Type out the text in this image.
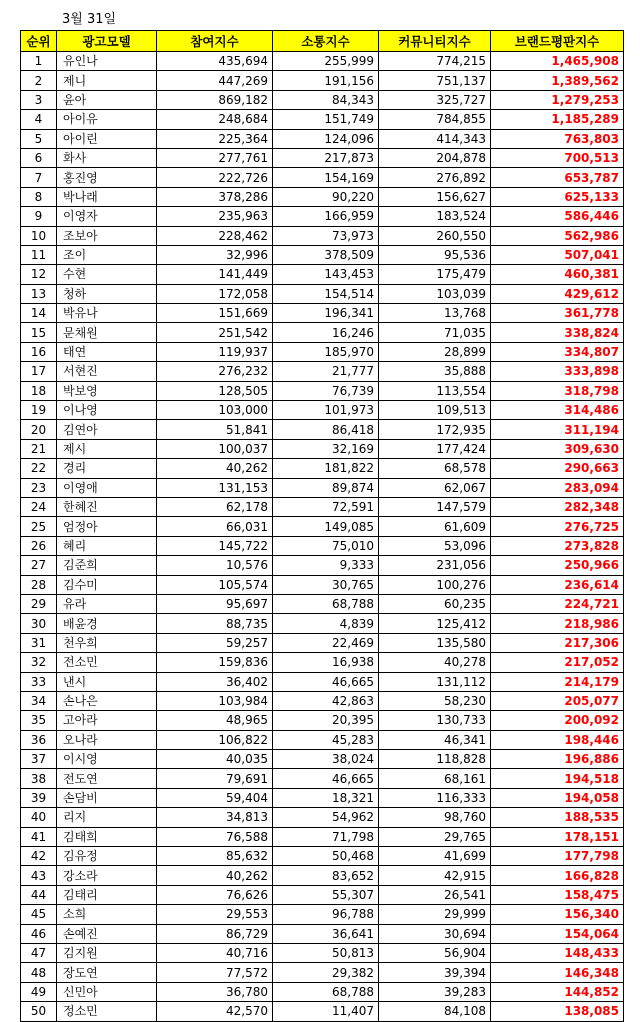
3월 31일
순위	광고모델	참여지수	소통지수	커뮤니티지수	브랜드평판지수
1	유인나	435,694	255,999	774,215	1,465,908
2	제니	447,269	191,156	751,137	1,389,562
3	윤아	869,182	84,343	325,727	1,279,253
4	아이유	248,684	151,749	784,855	1,185,289
5	아이린	225,364	124,096	414,343	763,803
6	화사	277,761	217,873	204,878	700,513
7	홍진영	222,726	154,169	276,892	653,787
8	박나래	378,286	90,220	156,627	625,133
9	이영자	235,963	166,959	183,524	586,446
10	조보아	228,462	73,973	260,550	562,986
11	조이	32,996	378,509	95,536	507,041
12	수현	141,449	143,453	175,479	460,381
13	청하	172,058	154,514	103,039	429,612
14	박유나	151,669	196,341	13,768	361,778
15	문채원	251,542	16,246	71,035	338,824
16	태연	119,937	185,970	28,899	334,807
17	서현진	276,232	21,777	35,888	333,898
18	박보영	128,505	76,739	113,554	318,798
19	이나영	103,000	101,973	109,513	314,486
20	김연아	51,841	86,418	172,935	311,194
21	제시	100,037	32,169	177,424	309,630
22	경리	40,262	181,822	68,578	290,663
23	이영애	131,153	89,874	62,067	283,094
24	한혜진	62,178	72,591	147,579	282,348
25	엄정아	66,031	149,085	61,609	276,725
26	혜리	145,722	75,010	53,096	273,828
27	김준희	10,576	9,333	231,056	250,966
28	김수미	105,574	30,765	100,276	236,614
29	유라	95,697	68,788	60,235	224,721
30	배윤경	88,735	4,839	125,412	218,986
31	천우희	59,257	22,469	135,580	217,306
32	전소민	159,836	16,938	40,278	217,052
33	낸시	36,402	46,665	131,112	214,179
34	손나은	103,984	42,863	58,230	205,077
35	고아라	48,965	20,395	130,733	200,092
36	오나라	106,822	45,283	46,341	198,446
37	이시영	40,035	38,024	118,828	196,886
38	전도연	79,691	46,665	68,161	194,518
39	손담비	59,404	18,321	116,333	194,058
40	리지	34,813	54,962	98,760	188,535
41	김태희	76,588	71,798	29,765	178,151
42	김유정	85,632	50,468	41,699	177,798
43	강소라	40,262	83,652	42,915	166,828
44	김태리	76,626	55,307	26,541	158,475
45	소희	29,553	96,788	29,999	156,340
46	손예진	86,729	36,641	30,694	154,064
47	김지원	40,716	50,813	56,904	148,433
48	장도연	77,572	29,382	39,394	146,348
49	신민아	36,780	68,788	39,283	144,852
50	정소민	42,570	11,407	84,108	138,085
